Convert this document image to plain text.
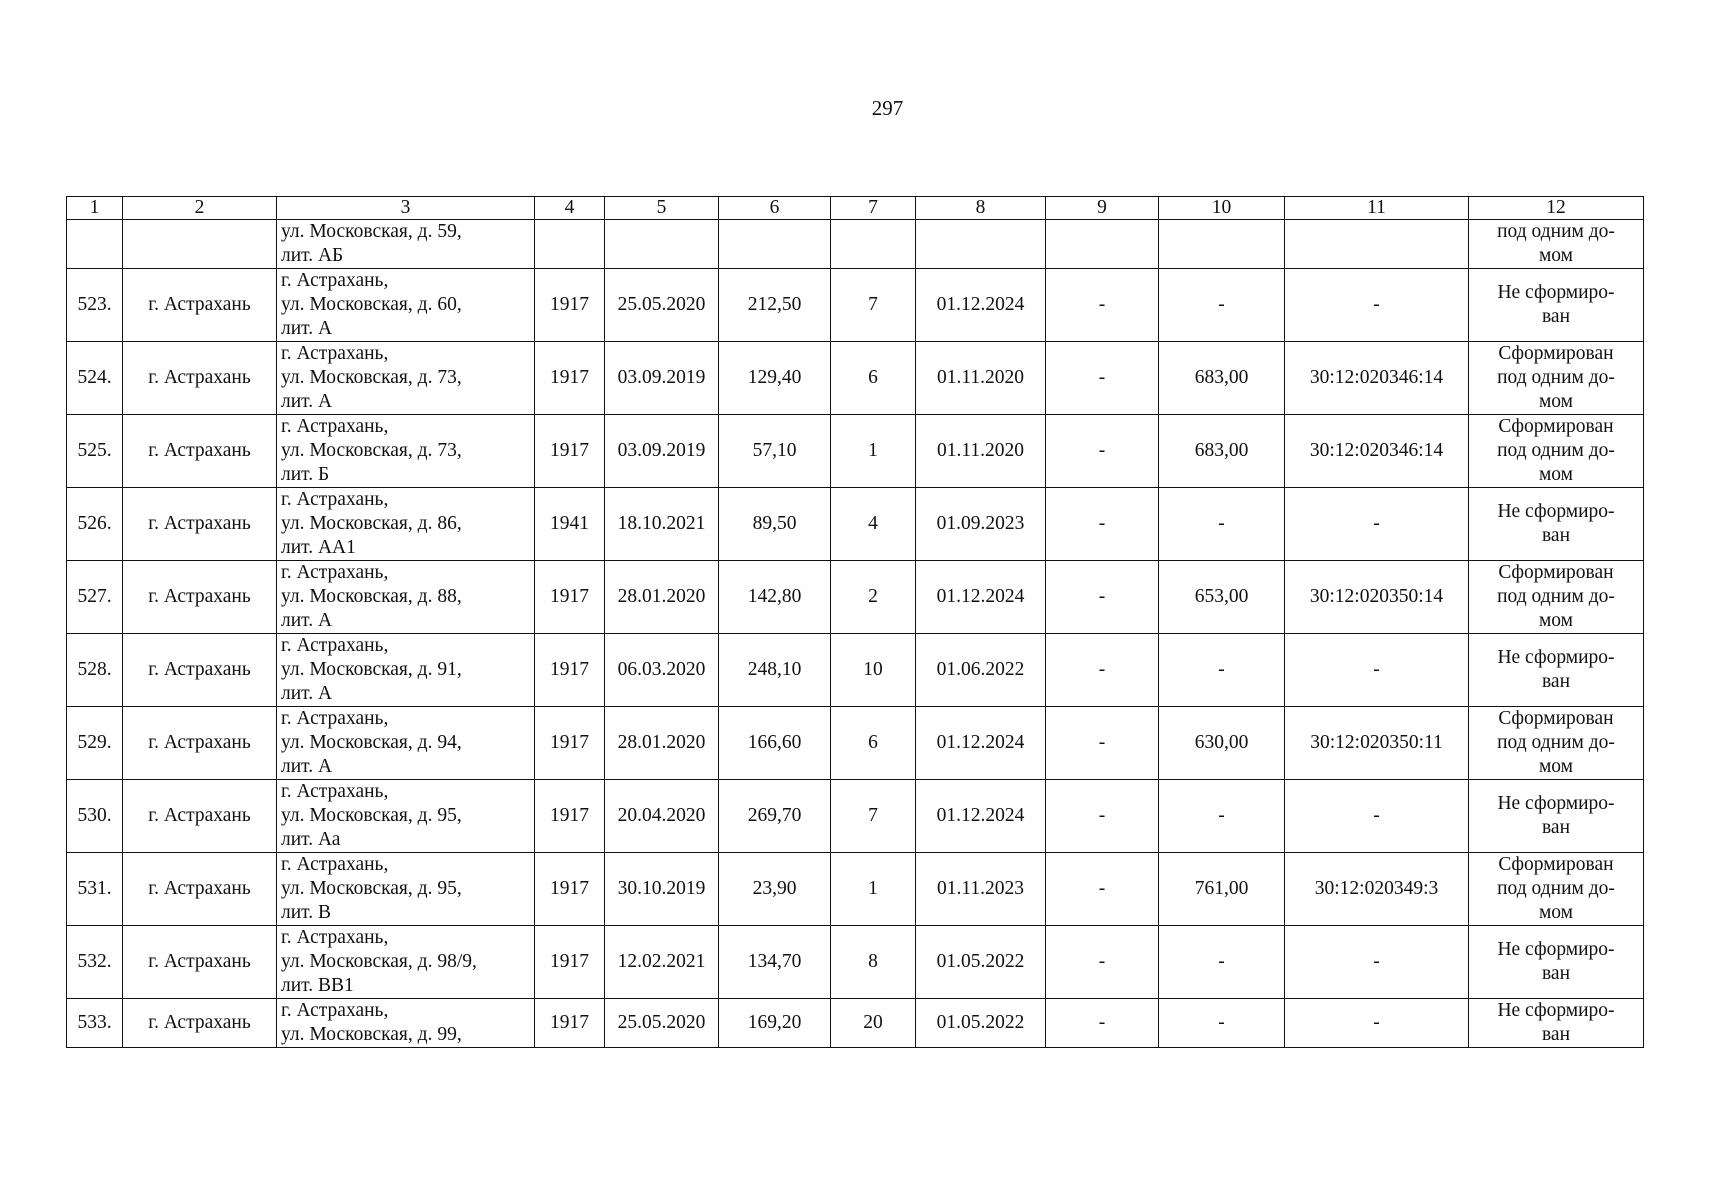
297
1	2	3	4	5	6	7	8	9	10	11	12

		ул. Московская, д. 59,
лит. АБ									под одним до-
мом

523.	г. Астрахань	г. Астрахань,
ул. Московская, д. 60,
лит. А	1917	25.05.2020	212,50	7	01.12.2024	-	-	-	Не сформиро-
ван

524.	г. Астрахань	г. Астрахань,
ул. Московская, д. 73,
лит. А	1917	03.09.2019	129,40	6	01.11.2020	-	683,00	30:12:020346:14	Сформирован
под одним до-
мом

525.	г. Астрахань	г. Астрахань,
ул. Московская, д. 73,
лит. Б	1917	03.09.2019	57,10	1	01.11.2020	-	683,00	30:12:020346:14	Сформирован
под одним до-
мом

526.	г. Астрахань	г. Астрахань,
ул. Московская, д. 86,
лит. АА1	1941	18.10.2021	89,50	4	01.09.2023	-	-	-	Не сформиро-
ван

527.	г. Астрахань	г. Астрахань,
ул. Московская, д. 88,
лит. А	1917	28.01.2020	142,80	2	01.12.2024	-	653,00	30:12:020350:14	Сформирован
под одним до-
мом

528.	г. Астрахань	г. Астрахань,
ул. Московская, д. 91,
лит. А	1917	06.03.2020	248,10	10	01.06.2022	-	-	-	Не сформиро-
ван

529.	г. Астрахань	г. Астрахань,
ул. Московская, д. 94,
лит. А	1917	28.01.2020	166,60	6	01.12.2024	-	630,00	30:12:020350:11	Сформирован
под одним до-
мом

530.	г. Астрахань	г. Астрахань,
ул. Московская, д. 95,
лит. Аа	1917	20.04.2020	269,70	7	01.12.2024	-	-	-	Не сформиро-
ван

531.	г. Астрахань	г. Астрахань,
ул. Московская, д. 95,
лит. В	1917	30.10.2019	23,90	1	01.11.2023	-	761,00	30:12:020349:3	Сформирован
под одним до-
мом

532.	г. Астрахань	г. Астрахань,
ул. Московская, д. 98/9,
лит. ВВ1	1917	12.02.2021	134,70	8	01.05.2022	-	-	-	Не сформиро-
ван

533.	г. Астрахань	г. Астрахань,
ул. Московская, д. 99,	1917	25.05.2020	169,20	20	01.05.2022	-	-	-	Не сформиро-
ван
